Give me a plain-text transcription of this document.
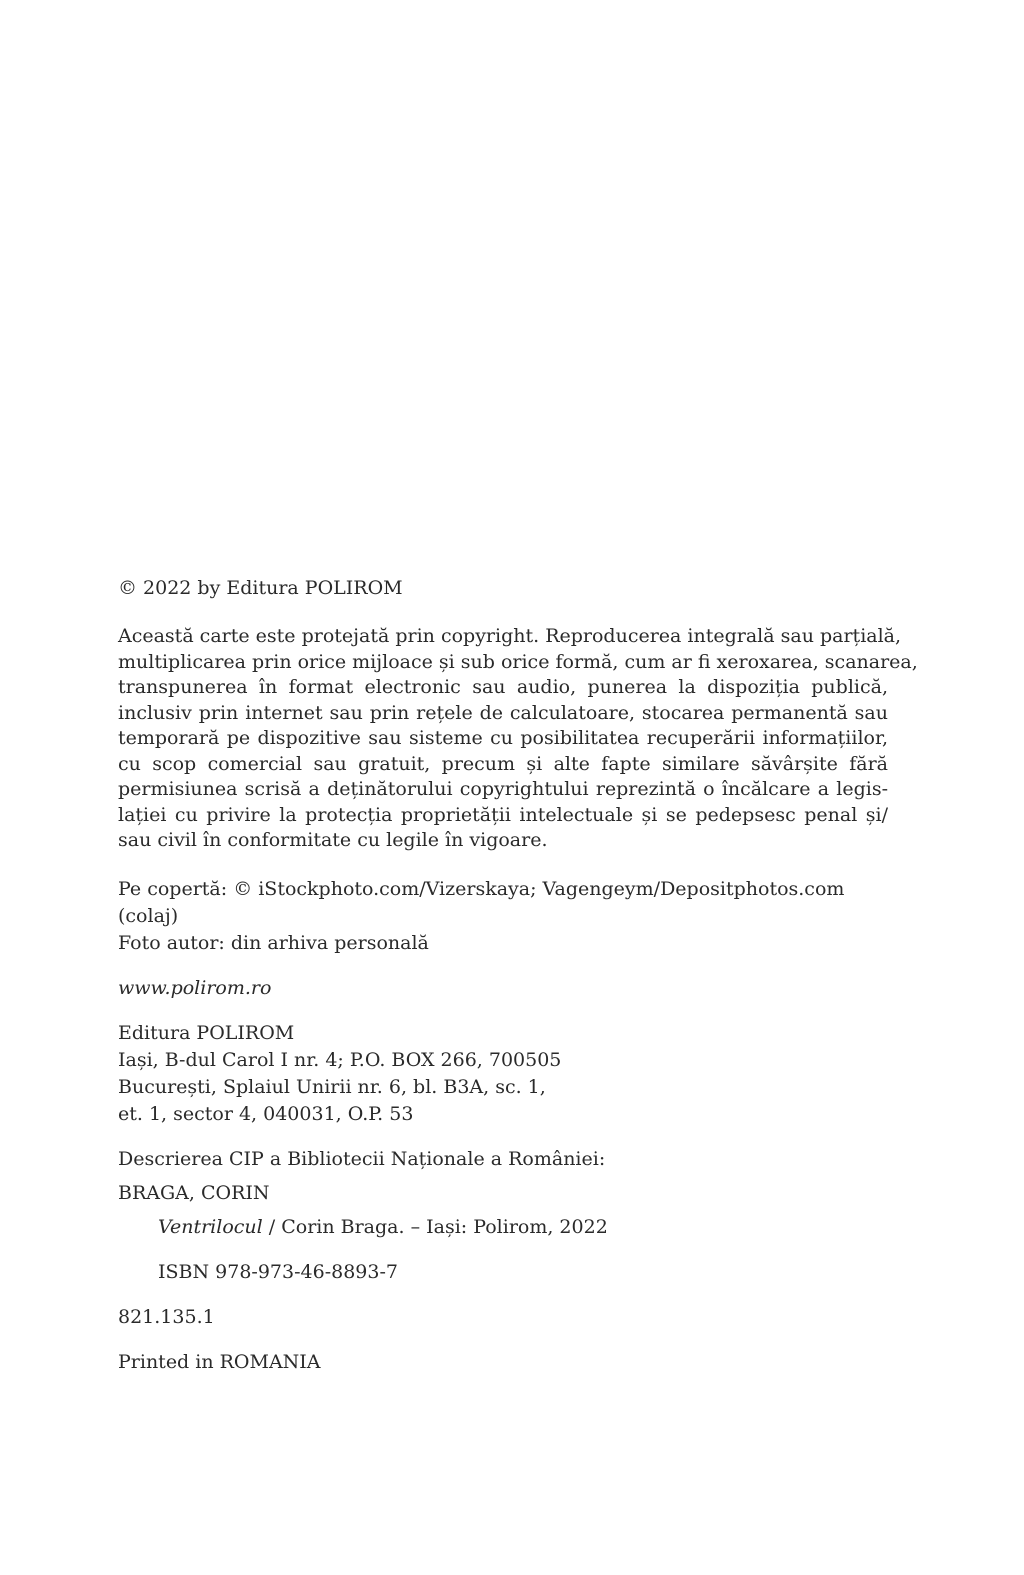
© 2022 by Editura POLIROM
Această carte este protejată prin copyright. Reproducerea integrală sau parțială,
multiplicarea prin orice mijloace și sub orice formă, cum ar fi xeroxarea, scanarea,
transpunerea în format electronic sau audio, punerea la dispoziția publică,
inclusiv prin internet sau prin rețele de calculatoare, stocarea permanentă sau
temporară pe dispozitive sau sisteme cu posibilitatea recuperării informațiilor,
cu scop comercial sau gratuit, precum și alte fapte similare săvârșite fără
permisiunea scrisă a deținătorului copyrightului reprezintă o încălcare a legis-
lației cu privire la protecția proprietății intelectuale și se pedepsesc penal și/
sau civil în conformitate cu legile în vigoare.
Pe copertă: © iStockphoto.com/Vizerskaya; Vagengeym/Depositphotos.com
(colaj)
Foto autor: din arhiva personală
www.polirom.ro
Editura POLIROM
Iași, B-dul Carol I nr. 4; P.O. BOX 266, 700505
București, Splaiul Unirii nr. 6, bl. B3A, sc. 1,
et. 1, sector 4, 040031, O.P. 53
Descrierea CIP a Bibliotecii Naționale a României:
BRAGA, CORIN
Ventrilocul / Corin Braga. – Iași: Polirom, 2022
ISBN 978-973-46-8893-7
821.135.1
Printed in ROMANIA
